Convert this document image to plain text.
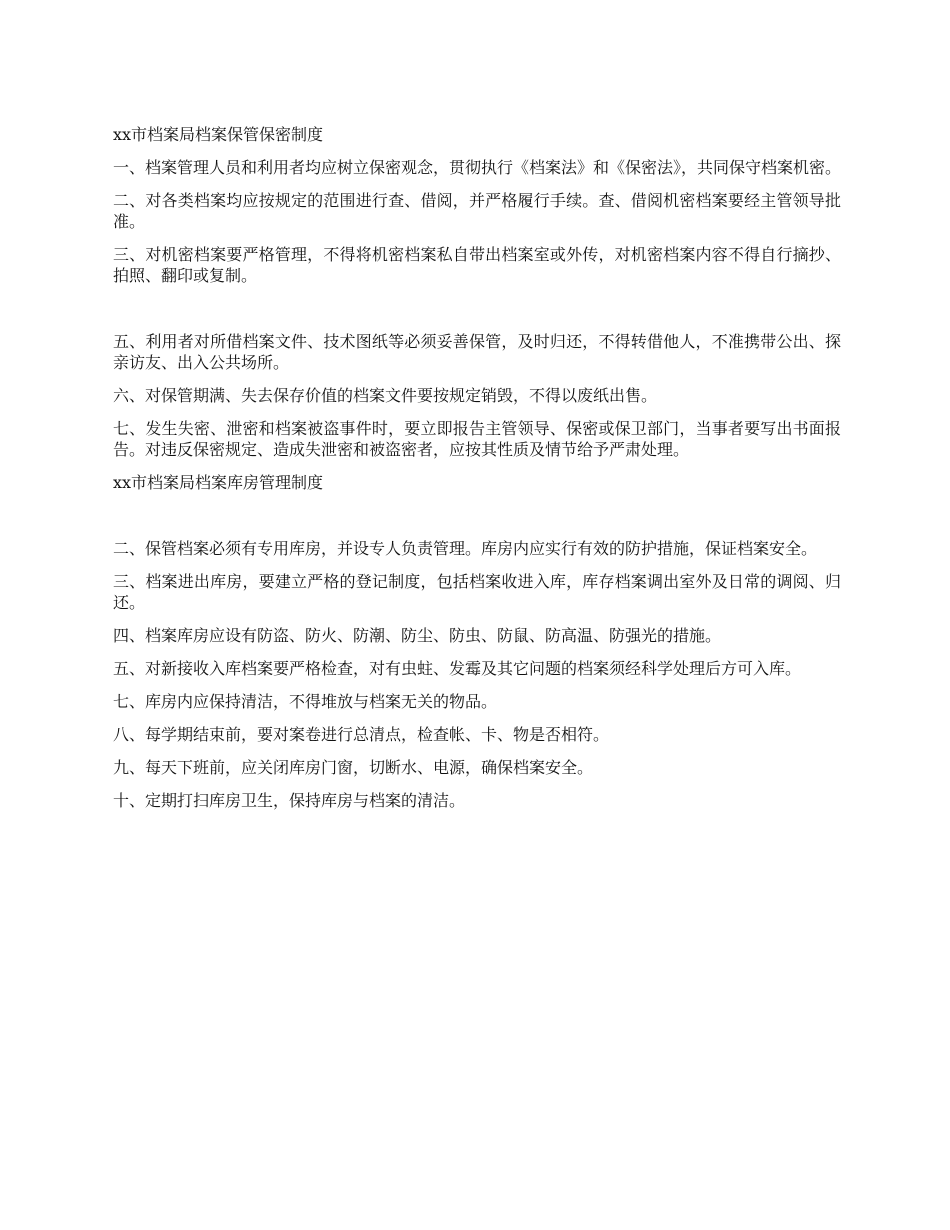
xx市档案局档案保管保密制度

一、档案管理人员和利用者均应树立保密观念，贯彻执行《档案法》和《保密法》，共同保守档案机密。

二、对各类档案均应按规定的范围进行查、借阅，并严格履行手续。查、借阅机密档案要经主管领导批准。

三、对机密档案要严格管理，不得将机密档案私自带出档案室或外传，对机密档案内容不得自行摘抄、拍照、翻印或复制。

五、利用者对所借档案文件、技术图纸等必须妥善保管，及时归还，不得转借他人，不准携带公出、探亲访友、出入公共场所。

六、对保管期满、失去保存价值的档案文件要按规定销毁，不得以废纸出售。

七、发生失密、泄密和档案被盗事件时，要立即报告主管领导、保密或保卫部门，当事者要写出书面报告。对违反保密规定、造成失泄密和被盗密者，应按其性质及情节给予严肃处理。

xx市档案局档案库房管理制度

二、保管档案必须有专用库房，并设专人负责管理。库房内应实行有效的防护措施，保证档案安全。

三、档案进出库房，要建立严格的登记制度，包括档案收进入库，库存档案调出室外及日常的调阅、归还。

四、档案库房应设有防盗、防火、防潮、防尘、防虫、防鼠、防高温、防强光的措施。

五、对新接收入库档案要严格检查，对有虫蛀、发霉及其它问题的档案须经科学处理后方可入库。

七、库房内应保持清洁，不得堆放与档案无关的物品。

八、每学期结束前，要对案卷进行总清点，检查帐、卡、物是否相符。

九、每天下班前，应关闭库房门窗，切断水、电源，确保档案安全。

十、定期打扫库房卫生，保持库房与档案的清洁。
